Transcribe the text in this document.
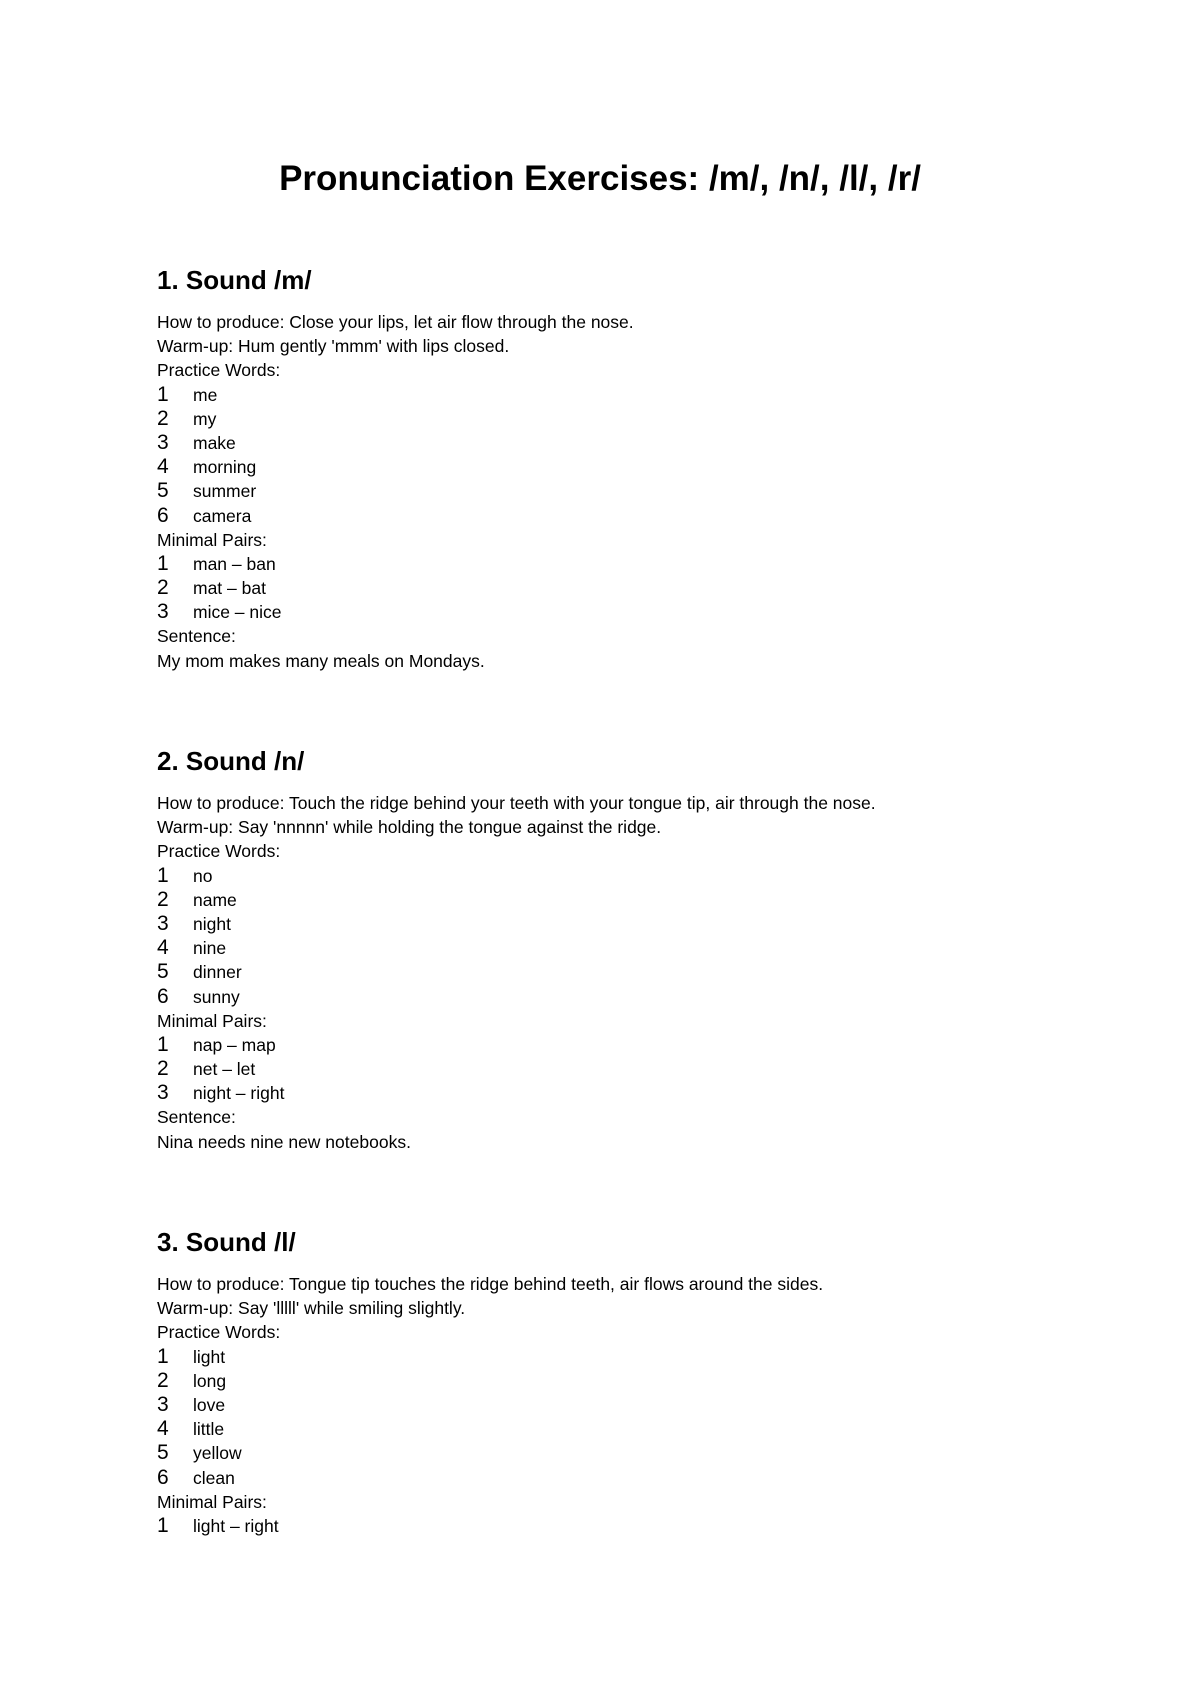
Pronunciation Exercises: /m/, /n/, /l/, /r/
1. Sound /m/
How to produce: Close your lips, let air flow through the nose.
Warm-up: Hum gently 'mmm' with lips closed.
Practice Words:
1	me
2	my
3	make
4	morning
5	summer
6	camera
Minimal Pairs:
1	man – ban
2	mat – bat
3	mice – nice
Sentence:
My mom makes many meals on Mondays.
2. Sound /n/
How to produce: Touch the ridge behind your teeth with your tongue tip, air through the nose.
Warm-up: Say 'nnnnn' while holding the tongue against the ridge.
Practice Words:
1	no
2	name
3	night
4	nine
5	dinner
6	sunny
Minimal Pairs:
1	nap – map
2	net – let
3	night – right
Sentence:
Nina needs nine new notebooks.
3. Sound /l/
How to produce: Tongue tip touches the ridge behind teeth, air flows around the sides.
Warm-up: Say 'lllll' while smiling slightly.
Practice Words:
1	light
2	long
3	love
4	little
5	yellow
6	clean
Minimal Pairs:
1	light – right
